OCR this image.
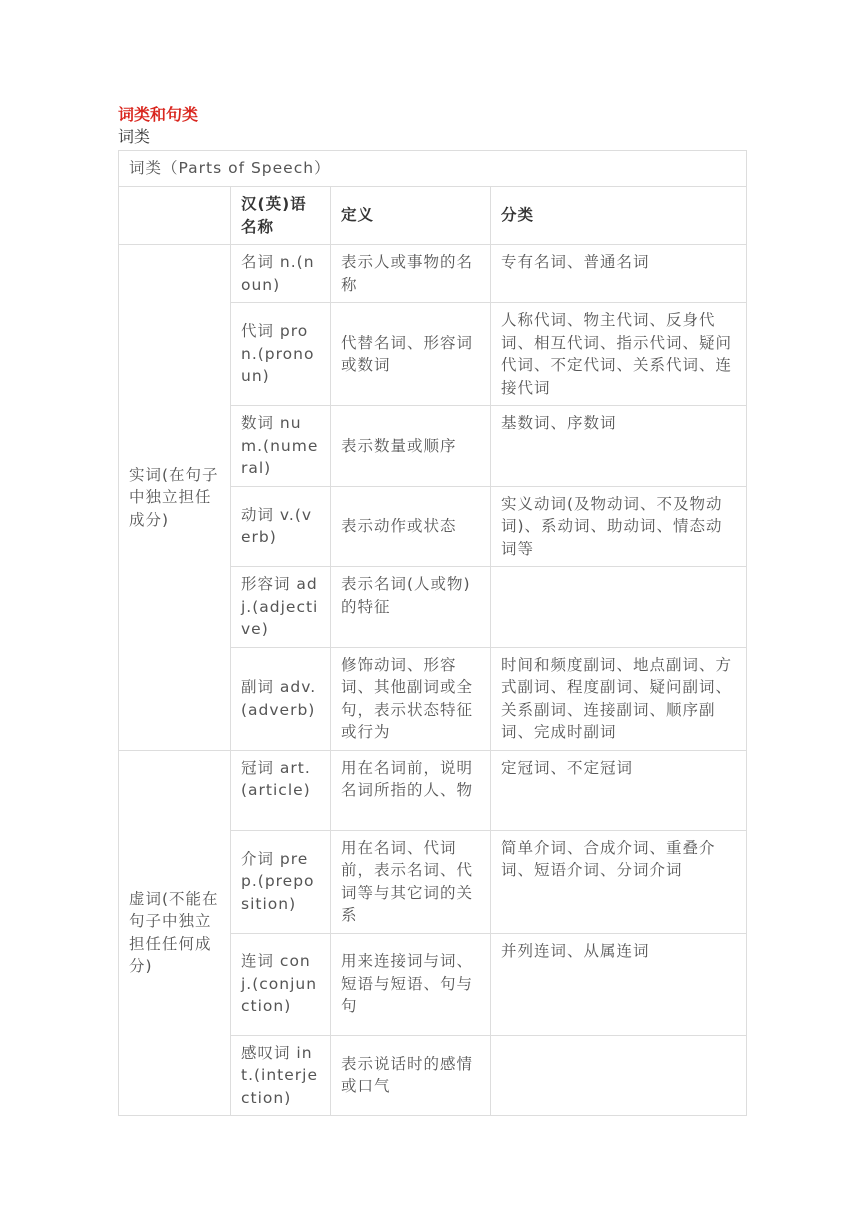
词类和句类
词类
词类（Parts of Speech）			
	汉(英)语名称	定义	分类
实词(在句子中独立担任成分)	名词 n.(noun)	表示人或事物的名称	专有名词、普通名词
	代词 pron.(pronoun)	代替名词、形容词或数词	人称代词、物主代词、反身代词、相互代词、指示代词、疑问代词、不定代词、关系代词、连接代词
	数词 num.(numeral)	表示数量或顺序	基数词、序数词
	动词 v.(verb)	表示动作或状态	实义动词(及物动词、不及物动词)、系动词、助动词、情态动词等
	形容词 adj.(adjective)	表示名词(人或物)的特征	
	副词 adv.(adverb)	修饰动词、形容词、其他副词或全句，表示状态特征或行为	时间和频度副词、地点副词、方式副词、程度副词、疑问副词、关系副词、连接副词、顺序副词、完成时副词
虚词(不能在句子中独立担任任何成分)	冠词 art.(article)	用在名词前，说明名词所指的人、物	定冠词、不定冠词
	介词 prep.(preposition)	用在名词、代词前，表示名词、代词等与其它词的关系	简单介词、合成介词、重叠介词、短语介词、分词介词
	连词 conj.(conjunction)	用来连接词与词、短语与短语、句与句	并列连词、从属连词
	感叹词 int.(interjection)	表示说话时的感情或口气	
